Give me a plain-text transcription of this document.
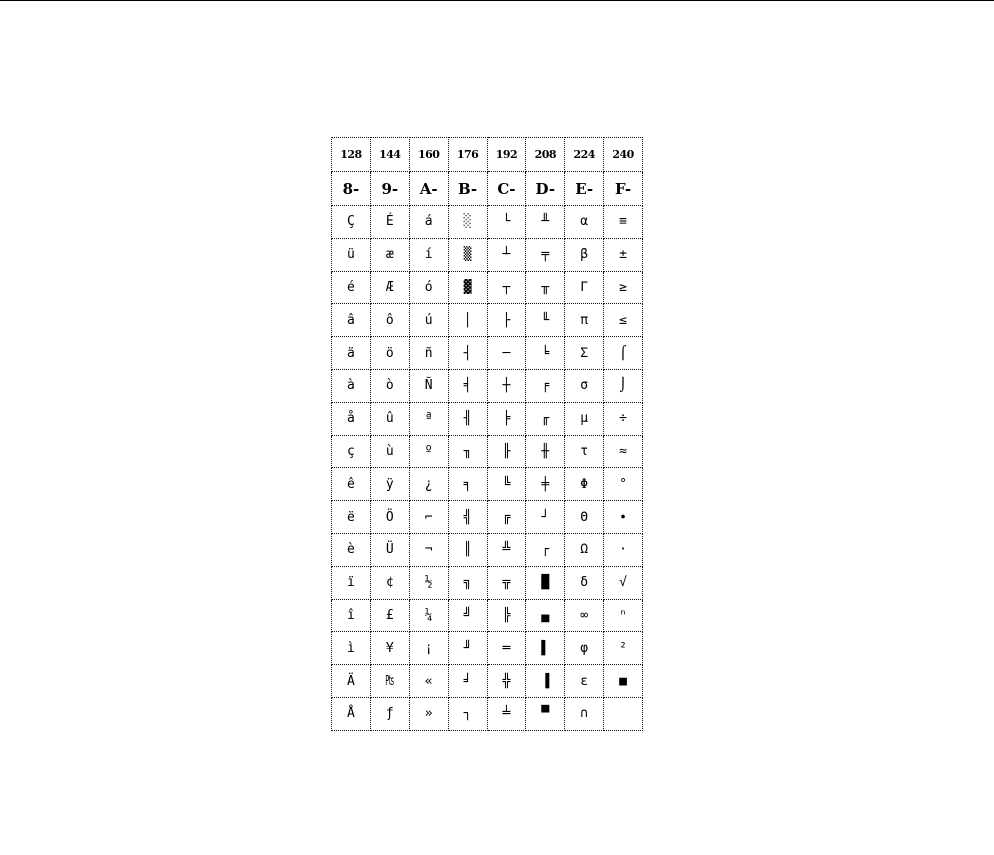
128	144	160	176	192	208	224	240
8-	9-	A-	B-	C-	D-	E-	F-
Ç	É	á	░	└	╨	α	≡
ü	æ	í	▒	┴	╤	β	±
é	Æ	ó	▓	┬	╥	Γ	≥
â	ô	ú	│	├	╙	π	≤
ä	ö	ñ	┤	─	╘	Σ	⌠
à	ò	Ñ	╡	┼	╒	σ	⌡
å	û	ª	╢	╞	╓	µ	÷
ç	ù	º	╖	╟	╫	τ	≈
ê	ÿ	¿	╕	╚	╪	Φ	°
ë	Ö	⌐	╣	╔	┘	Θ	∙
è	Ü	¬	║	╩	┌	Ω	·
ï	¢	½	╗	╦	█	δ	√
î	£	¼	╝	╠	▄	∞	ⁿ
ì	¥	¡	╜	═	▌	φ	²
Ä	₧	«	╛	╬	▐	ε	■
Å	ƒ	»	┐	╧	▀	∩	
